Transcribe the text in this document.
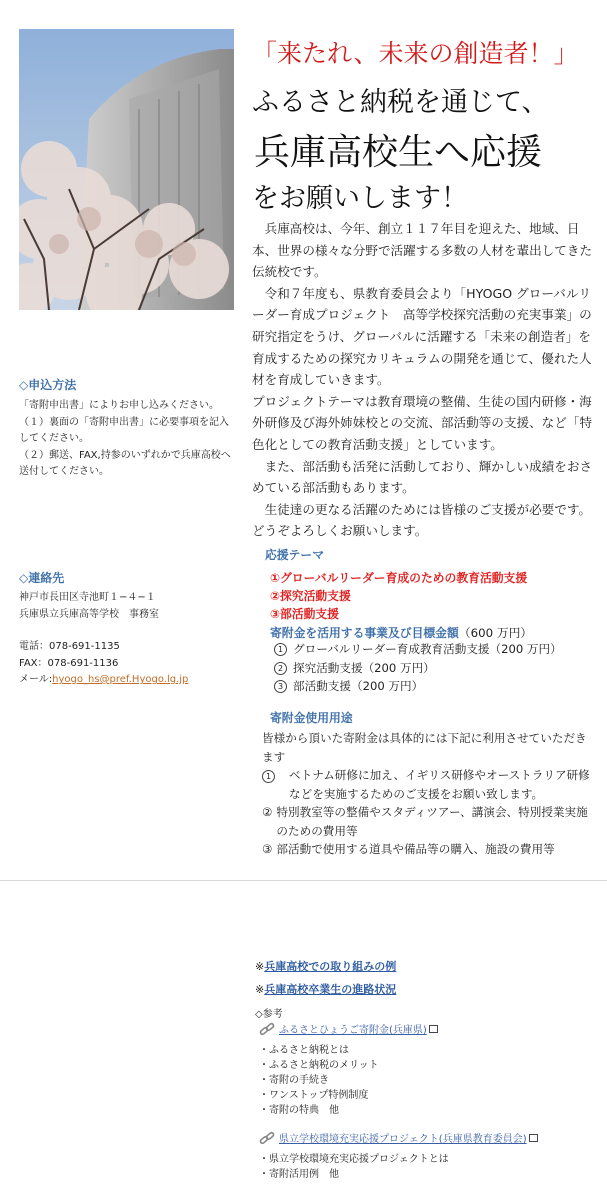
「来たれ、未来の創造者！」
ふるさと納税を通じて、
兵庫高校生へ応援
をお願いします！

　兵庫高校は、今年、創立１１７年目を迎えた、地域、日本、世界の様々な分野で活躍する多数の人材を輩出してきた伝統校です。

　令和７年度も、県教育委員会より「HYOGO グローバルリーダー育成プロジェクト　高等学校探究活動の充実事業」の研究指定をうけ、グローバルに活躍する「未来の創造者」を育成するための探究カリキュラムの開発を通じて、優れた人材を育成していきます。

プロジェクトテーマは教育環境の整備、生徒の国内研修・海外研修及び海外姉妹校との交流、部活動等の支援、など「特色化としての教育活動支援」としています。

　また、部活動も活発に活動しており、輝かしい成績をおさめている部活動もあります。

　生徒達の更なる活躍のためには皆様のご支援が必要です。どうぞよろしくお願いします。

◇申込方法
「寄附申出書」によりお申し込みください。
（１）裏面の「寄附申出書」に必要事項を記入してください。
（２）郵送、FAX,持参のいずれかで兵庫高校へ送付してください。
◇連絡先
神戸市長田区寺池町１−４−１
兵庫県立兵庫高等学校　事務室
電話：078-691-1135
FAX：078-691-1136
メール:hyogo_hs@pref.Hyogo.lg.jp
応援テーマ
①グローバルリーダー育成のための教育活動支援
②探究活動支援
③部活動支援
寄附金を活用する事業及び目標金額（600 万円）
1 グローバルリーダー育成教育活動支援（200 万円）
2 探究活動支援（200 万円）
3 部活動支援（200 万円）
寄附金使用用途
皆様から頂いた寄附金は具体的には下記に利用させていただきます
1	ベトナム研修に加え、イギリス研修やオーストラリア研修などを実施するためのご支援をお願い致します。
② 特別教室等の整備やスタディツアー、講演会、特別授業実施のための費用等
③ 部活動で使用する道具や備品等の購入、施設の費用等
※兵庫高校での取り組みの例
※兵庫高校卒業生の進路状況
◇参考
ふるさとひょうご寄附金(兵庫県)
・ふるさと納税とは
・ふるさと納税のメリット
・寄附の手続き
・ワンストップ特例制度
・寄附の特典　他
県立学校環境充実応援プロジェクト(兵庫県教育委員会)
・県立学校環境充実応援プロジェクトとは
・寄附活用例　他
